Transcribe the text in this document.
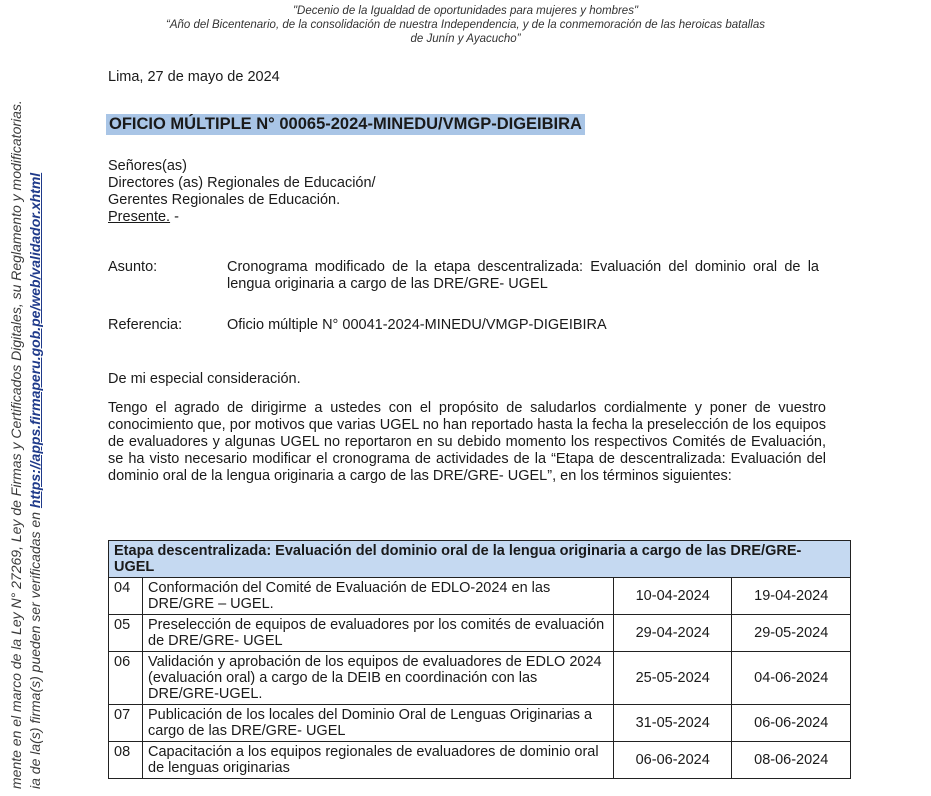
mente en el marco de la Ley N° 27269, Ley de Firmas y Certificados Digitales, su Reglamento y modificatorias. ia de la(s) firma(s) pueden ser verificadas en https://apps.firmaperu.gob.pe/web/validador.xhtml
"Decenio de la Igualdad de oportunidades para mujeres y hombres"
“Año del Bicentenario, de la consolidación de nuestra Independencia, y de la conmemoración de las heroicas batallas
de Junín y Ayacucho”
Lima, 27 de mayo de 2024
OFICIO MÚLTIPLE N° 00065-2024-MINEDU/VMGP-DIGEIBIRA
Señores(as)
Directores (as) Regionales de Educación/
Gerentes Regionales de Educación.
Presente. -
Asunto:	Cronograma modificado de la etapa descentralizada: Evaluación del dominio oral de la lengua originaria a cargo de las DRE/GRE- UGEL
Referencia:	Oficio múltiple N° 00041-2024-MINEDU/VMGP-DIGEIBIRA
De mi especial consideración.
Tengo el agrado de dirigirme a ustedes con el propósito de saludarlos cordialmente y poner de vuestro conocimiento que, por motivos que varias UGEL no han reportado hasta la fecha la preselección de los equipos de evaluadores y algunas UGEL no reportaron en su debido momento los respectivos Comités de Evaluación, se ha visto necesario modificar el cronograma de actividades de la “Etapa de descentralizada: Evaluación del dominio oral de la lengua originaria a cargo de las DRE/GRE- UGEL”, en los términos siguientes:
Etapa descentralizada: Evaluación del dominio oral de la lengua originaria a cargo de las DRE/GRE- UGEL			
04	Conformación del Comité de Evaluación de EDLO-2024 en las DRE/GRE – UGEL.	10-04-2024	19-04-2024
05	Preselección de equipos de evaluadores por los comités de evaluación de DRE/GRE- UGEL	29-04-2024	29-05-2024
06	Validación y aprobación de los equipos de evaluadores de EDLO 2024 (evaluación oral) a cargo de la DEIB en coordinación con las DRE/GRE-UGEL.	25-05-2024	04-06-2024
07	Publicación de los locales del Dominio Oral de Lenguas Originarias a cargo de las DRE/GRE- UGEL	31-05-2024	06-06-2024
08	Capacitación a los equipos regionales de evaluadores de dominio oral de lenguas originarias	06-06-2024	08-06-2024
